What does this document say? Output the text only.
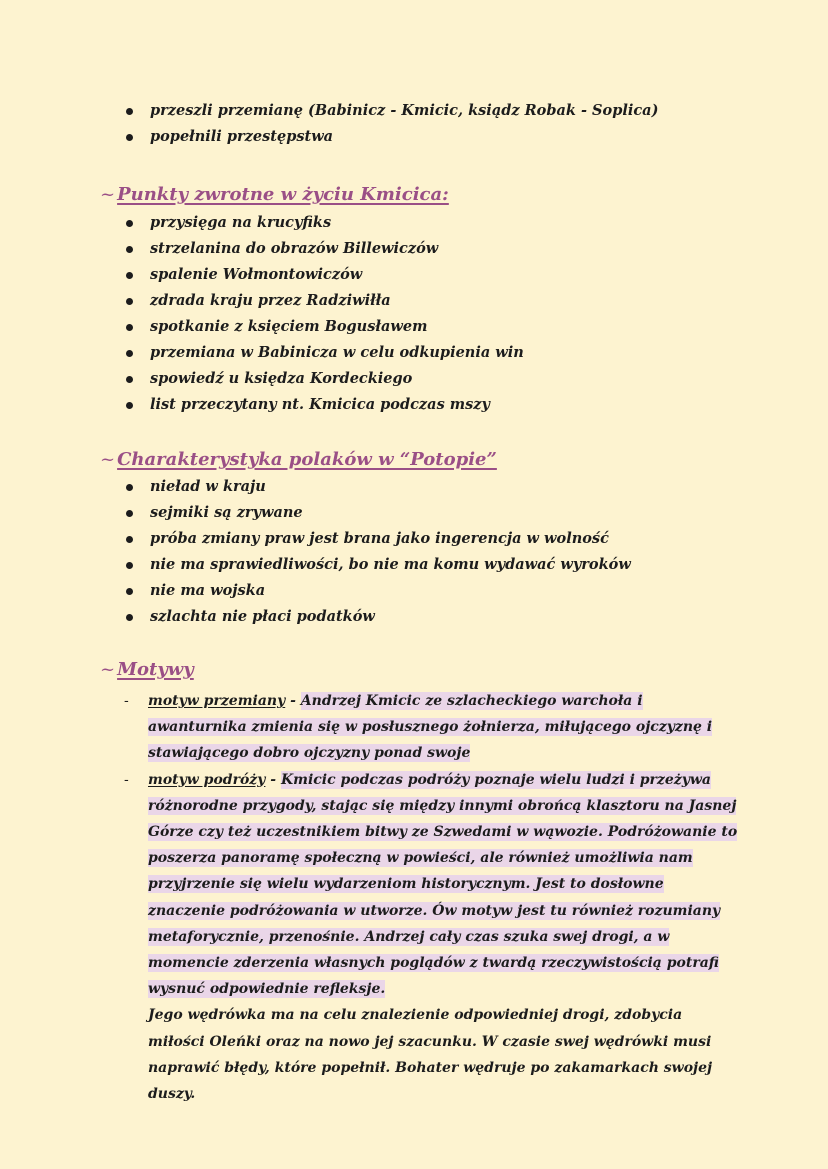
przeszli przemianę (Babinicz - Kmicic, ksiądz Robak - Soplica)
popełnili przestępstwa
~ Punkty zwrotne w życiu Kmicica:
przysięga na krucyfiks
strzelanina do obrazów Billewiczów
spalenie Wołmontowiczów
zdrada kraju przez Radziwiłła
spotkanie z księciem Bogusławem
przemiana w Babinicza w celu odkupienia win
spowiedź u księdza Kordeckiego
list przeczytany nt. Kmicica podczas mszy
~ Charakterystyka polaków w “Potopie”
nieład w kraju
sejmiki są zrywane
próba zmiany praw jest brana jako ingerencja w wolność
nie ma sprawiedliwości, bo nie ma komu wydawać wyroków
nie ma wojska
szlachta nie płaci podatków
~ Motywy
- motyw przemiany - Andrzej Kmicic ze szlacheckiego warchoła i awanturnika zmienia się w posłusznego żołnierza, miłującego ojczyznę i stawiającego dobro ojczyzny ponad swoje
- motyw podróży - Kmicic podczas podróży poznaje wielu ludzi i przeżywa różnorodne przygody, stając się między innymi obrońcą klasztoru na Jasnej Górze czy też uczestnikiem bitwy ze Szwedami w wąwozie. Podróżowanie to poszerza panoramę społeczną w powieści, ale również umożliwia nam przyjrzenie się wielu wydarzeniom historycznym. Jest to dosłowne znaczenie podróżowania w utworze. Ów motyw jest tu również rozumiany metaforycznie, przenośnie. Andrzej cały czas szuka swej drogi, a w momencie zderzenia własnych poglądów z twardą rzeczywistością potrafi wysnuć odpowiednie refleksje.
Jego wędrówka ma na celu znalezienie odpowiedniej drogi, zdobycia miłości Oleńki oraz na nowo jej szacunku. W czasie swej wędrówki musi naprawić błędy, które popełnił. Bohater wędruje po zakamarkach swojej duszy.
